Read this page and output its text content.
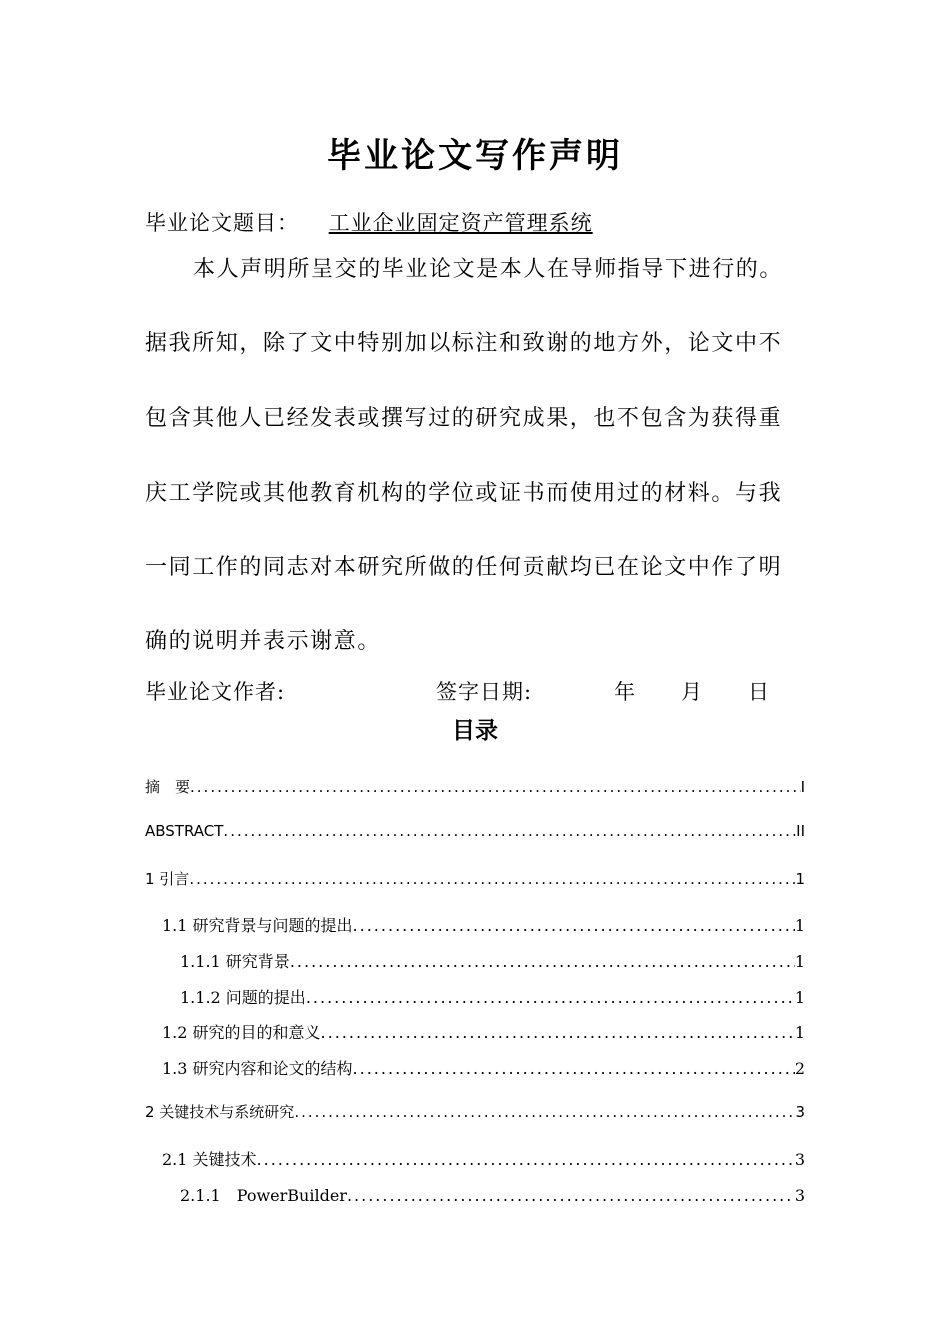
毕业论文写作声明
毕业论文题目： 工业企业固定资产管理系统
本人声明所呈交的毕业论文是本人在导师指导下进行的。
据我所知，除了文中特别加以标注和致谢的地方外，论文中不
包含其他人已经发表或撰写过的研究成果，也不包含为获得重
庆工学院或其他教育机构的学位或证书而使用过的材料。与我
一同工作的同志对本研究所做的任何贡献均已在论文中作了明
确的说明并表示谢意。
毕业论文作者:	签字日期:	年 月 日
目录
摘　要 .....	I
ABSTRACT .....	II
1 引言 .....	1
1.1 研究背景与问题的提出 .....	1
1.1.1 研究背景 .....	1
1.1.2 问题的提出 .....	1
1.2 研究的目的和意义 .....	1
1.3 研究内容和论文的结构 .....	2
2 关键技术与系统研究 .....	3
2.1 关键技术 .....	3
2.1.1　PowerBuilder .....	3
